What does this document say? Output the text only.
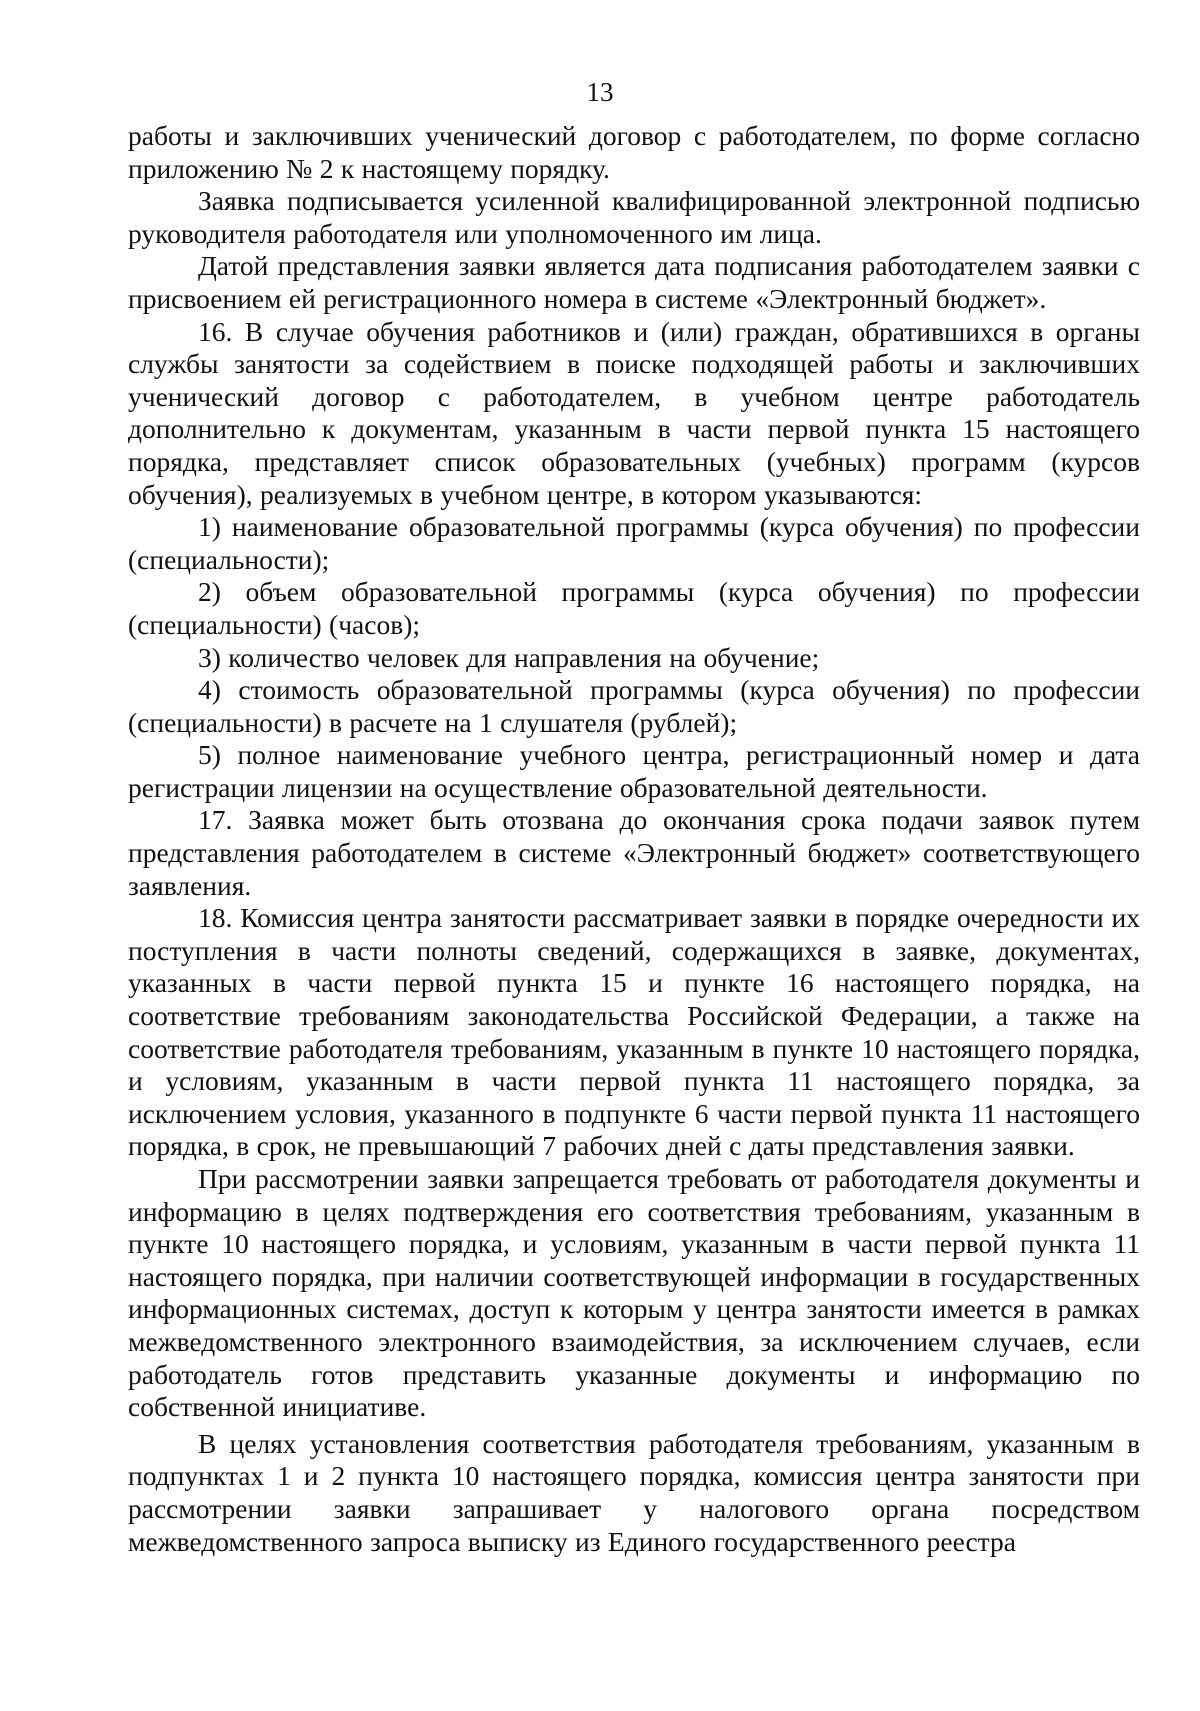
13

работы и заключивших ученический договор с работодателем, по форме согласно приложению № 2 к настоящему порядку.

Заявка подписывается усиленной квалифицированной электронной подписью руководителя работодателя или уполномоченного им лица.

Датой представления заявки является дата подписания работодателем заявки с присвоением ей регистрационного номера в системе «Электронный бюджет».

16. В случае обучения работников и (или) граждан, обратившихся в органы службы занятости за содействием в поиске подходящей работы и заключивших ученический договор с работодателем, в учебном центре работодатель дополнительно к документам, указанным в части первой пункта 15 настоящего порядка, представляет список образовательных (учебных) программ (курсов обучения), реализуемых в учебном центре, в котором указываются:

1) наименование образовательной программы (курса обучения) по профессии (специальности);

2) объем образовательной программы (курса обучения) по профессии (специальности) (часов);

3) количество человек для направления на обучение;

4) стоимость образовательной программы (курса обучения) по профессии (специальности) в расчете на 1 слушателя (рублей);

5) полное наименование учебного центра, регистрационный номер и дата регистрации лицензии на осуществление образовательной деятельности.

17. Заявка может быть отозвана до окончания срока подачи заявок путем представления работодателем в системе «Электронный бюджет» соответствующего заявления.

18. Комиссия центра занятости рассматривает заявки в порядке очередности их поступления в части полноты сведений, содержащихся в заявке, документах, указанных в части первой пункта 15 и пункте 16 настоящего порядка, на соответствие требованиям законодательства Российской Федерации, а также на соответствие работодателя требованиям, указанным в пункте 10 настоящего порядка, и условиям, указанным в части первой пункта 11 настоящего порядка, за исключением условия, указанного в подпункте 6 части первой пункта 11 настоящего порядка, в срок, не превышающий 7 рабочих дней с даты представления заявки.

При рассмотрении заявки запрещается требовать от работодателя документы и информацию в целях подтверждения его соответствия требованиям, указанным в пункте 10 настоящего порядка, и условиям, указанным в части первой пункта 11 настоящего порядка, при наличии соответствующей информации в государственных информационных системах, доступ к которым у центра занятости имеется в рамках межведомственного электронного взаимодействия, за исключением случаев, если работодатель готов представить указанные документы и информацию по собственной инициативе.

В целях установления соответствия работодателя требованиям, указанным в подпунктах 1 и 2 пункта 10 настоящего порядка, комиссия центра занятости при рассмотрении заявки запрашивает у налогового органа посредством межведомственного запроса выписку из Единого государственного реестра
